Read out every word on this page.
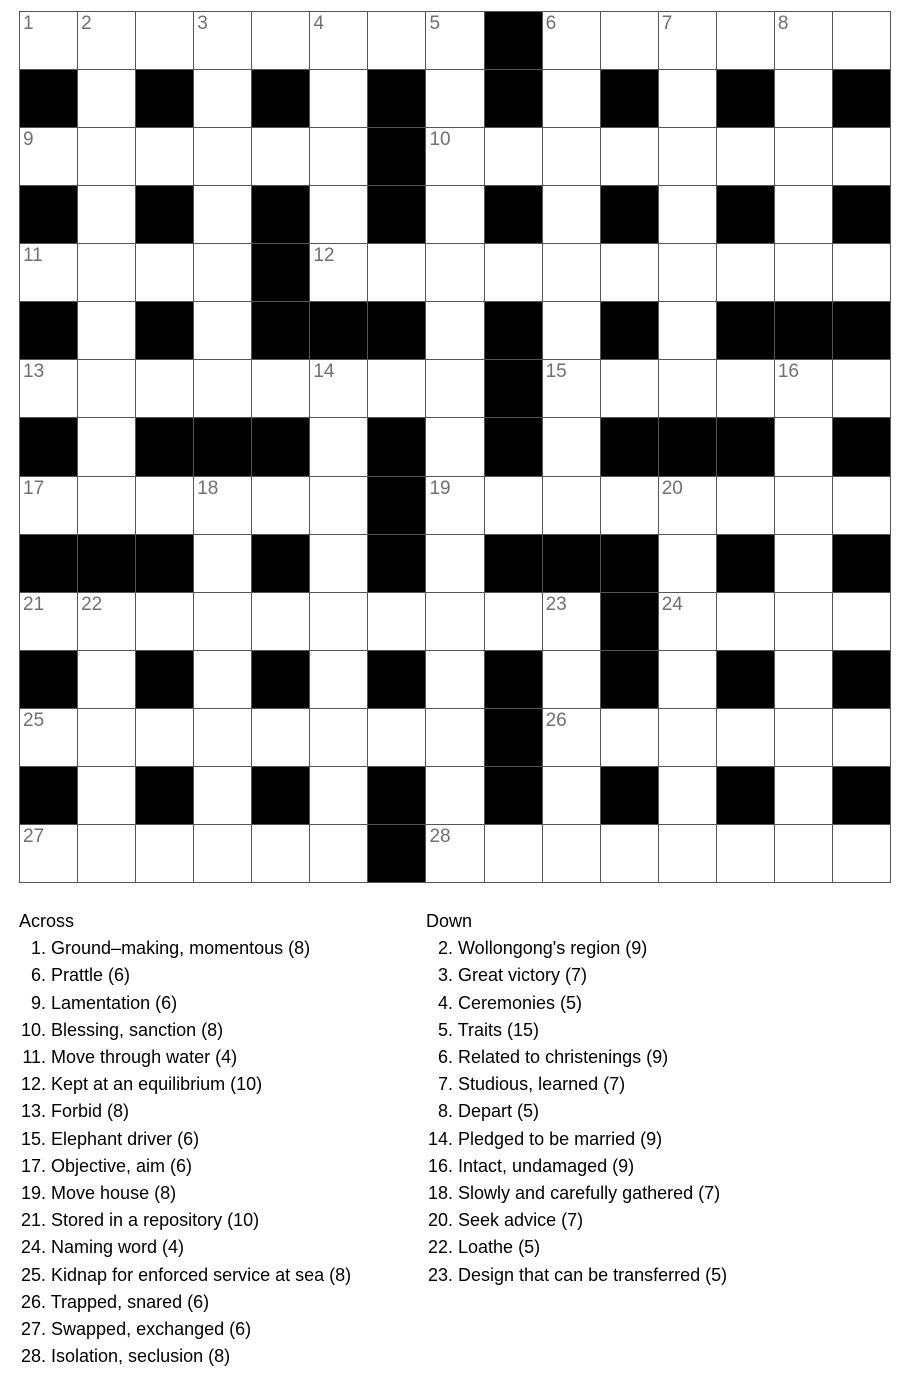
1 2	3	4	5	6	7	8
9	10
11	12
13	14	15	16
17	18	19	20
21 22	23	24
25	26
27	28
Across
1. Ground–making, momentous (8)
6. Prattle (6)
9. Lamentation (6)
10. Blessing, sanction (8)
11. Move through water (4)
12. Kept at an equilibrium (10)
13. Forbid (8)
15. Elephant driver (6)
17. Objective, aim (6)
19. Move house (8)
21. Stored in a repository (10)
24. Naming word (4)
25. Kidnap for enforced service at sea (8)
26. Trapped, snared (6)
27. Swapped, exchanged (6)
28. Isolation, seclusion (8)
Down
2. Wollongong's region (9)
3. Great victory (7)
4. Ceremonies (5)
5. Traits (15)
6. Related to christenings (9)
7. Studious, learned (7)
8. Depart (5)
14. Pledged to be married (9)
16. Intact, undamaged (9)
18. Slowly and carefully gathered (7)
20. Seek advice (7)
22. Loathe (5)
23. Design that can be transferred (5)
